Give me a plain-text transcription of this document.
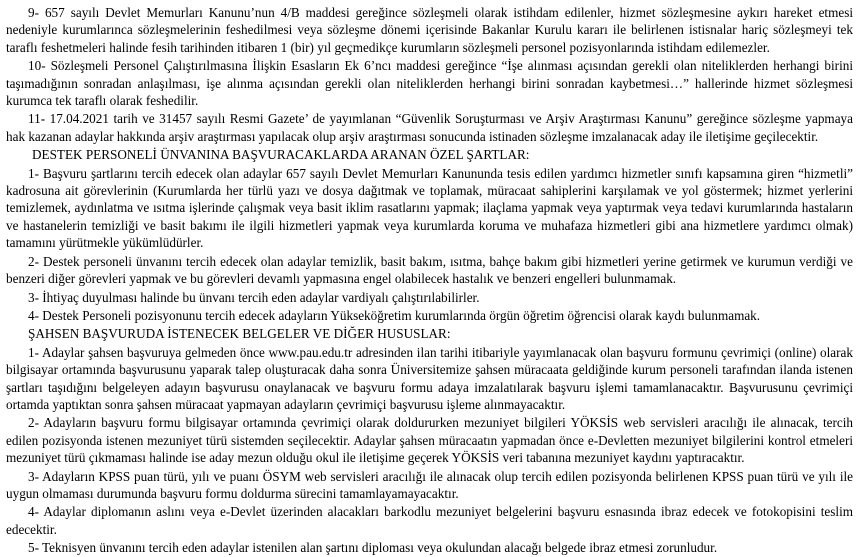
9- 657 sayılı Devlet Memurları Kanunu’nun 4/B maddesi gereğince sözleşmeli olarak istihdam edilenler, hizmet sözleşmesine aykırı hareket etmesi nedeniyle kurumlarınca sözleşmelerinin feshedilmesi veya sözleşme dönemi içerisinde Bakanlar Kurulu kararı ile belirlenen istisnalar hariç sözleşmeyi tek taraflı feshetmeleri halinde fesih tarihinden itibaren 1 (bir) yıl geçmedikçe kurumların sözleşmeli personel pozisyonlarında istihdam edilemezler.

10- Sözleşmeli Personel Çalıştırılmasına İlişkin Esasların Ek 6’ncı maddesi gereğince “İşe alınması açısından gerekli olan niteliklerden herhangi birini taşımadığının sonradan anlaşılması, işe alınma açısından gerekli olan niteliklerden herhangi birini sonradan kaybetmesi…” hallerinde hizmet sözleşmesi kurumca tek taraflı olarak feshedilir.

11- 17.04.2021 tarih ve 31457 sayılı Resmi Gazete’ de yayımlanan “Güvenlik Soruşturması ve Arşiv Araştırması Kanunu” gereğince sözleşme yapmaya hak kazanan adaylar hakkında arşiv araştırması yapılacak olup arşiv araştırması sonucunda istinaden sözleşme imzalanacak aday ile iletişime geçilecektir.

DESTEK PERSONELİ ÜNVANINA BAŞVURACAKLARDA ARANAN ÖZEL ŞARTLAR:

1- Başvuru şartlarını tercih edecek olan adaylar 657 sayılı Devlet Memurları Kanununda tesis edilen yardımcı hizmetler sınıfı kapsamına giren “hizmetli” kadrosuna ait görevlerinin (Kurumlarda her türlü yazı ve dosya dağıtmak ve toplamak, müracaat sahiplerini karşılamak ve yol göstermek; hizmet yerlerini temizlemek, aydınlatma ve ısıtma işlerinde çalışmak veya basit iklim rasatlarını yapmak; ilaçlama yapmak veya yaptırmak veya tedavi kurumlarında hastaların ve hastanelerin temizliği ve basit bakımı ile ilgili hizmetleri yapmak veya kurumlarda koruma ve muhafaza hizmetleri gibi ana hizmetlere yardımcı olmak) tamamını yürütmekle yükümlüdürler.

2- Destek personeli ünvanını tercih edecek olan adaylar temizlik, basit bakım, ısıtma, bahçe bakım gibi hizmetleri yerine getirmek ve kurumun verdiği ve benzeri diğer görevleri yapmak ve bu görevleri devamlı yapmasına engel olabilecek hastalık ve benzeri engelleri bulunmamak.

3- İhtiyaç duyulması halinde bu ünvanı tercih eden adaylar vardiyalı çalıştırılabilirler.

4- Destek Personeli pozisyonunu tercih edecek adayların Yükseköğretim kurumlarında örgün öğretim öğrencisi olarak kaydı bulunmamak.

ŞAHSEN BAŞVURUDA İSTENECEK BELGELER VE DİĞER HUSUSLAR:

1- Adaylar şahsen başvuruya gelmeden önce www.pau.edu.tr adresinden ilan tarihi itibariyle yayımlanacak olan başvuru formunu çevrimiçi (online) olarak bilgisayar ortamında başvurusunu yaparak talep oluşturacak daha sonra Üniversitemize şahsen müracaata geldiğinde kurum personeli tarafından ilanda istenen şartları taşıdığını belgeleyen adayın başvurusu onaylanacak ve başvuru formu adaya imzalatılarak başvuru işlemi tamamlanacaktır. Başvurusunu çevrimiçi ortamda yaptıktan sonra şahsen müracaat yapmayan adayların çevrimiçi başvurusu işleme alınmayacaktır.

2- Adayların başvuru formu bilgisayar ortamında çevrimiçi olarak doldururken mezuniyet bilgileri YÖKSİS web servisleri aracılığı ile alınacak, tercih edilen pozisyonda istenen mezuniyet türü sistemden seçilecektir. Adaylar şahsen müracaatın yapmadan önce e-Devletten mezuniyet bilgilerini kontrol etmeleri mezuniyet türü çıkmaması halinde ise aday mezun olduğu okul ile iletişime geçerek YÖKSİS veri tabanına mezuniyet kaydını yaptıracaktır.

3- Adayların KPSS puan türü, yılı ve puanı ÖSYM web servisleri aracılığı ile alınacak olup tercih edilen pozisyonda belirlenen KPSS puan türü ve yılı ile uygun olmaması durumunda başvuru formu doldurma sürecini tamamlayamayacaktır.

4- Adaylar diplomanın aslını veya e-Devlet üzerinden alacakları barkodlu mezuniyet belgelerini başvuru esnasında ibraz edecek ve fotokopisini teslim edecektir.

5- Teknisyen ünvanını tercih eden adaylar istenilen alan şartını diploması veya okulundan alacağı belgede ibraz etmesi zorunludur.
